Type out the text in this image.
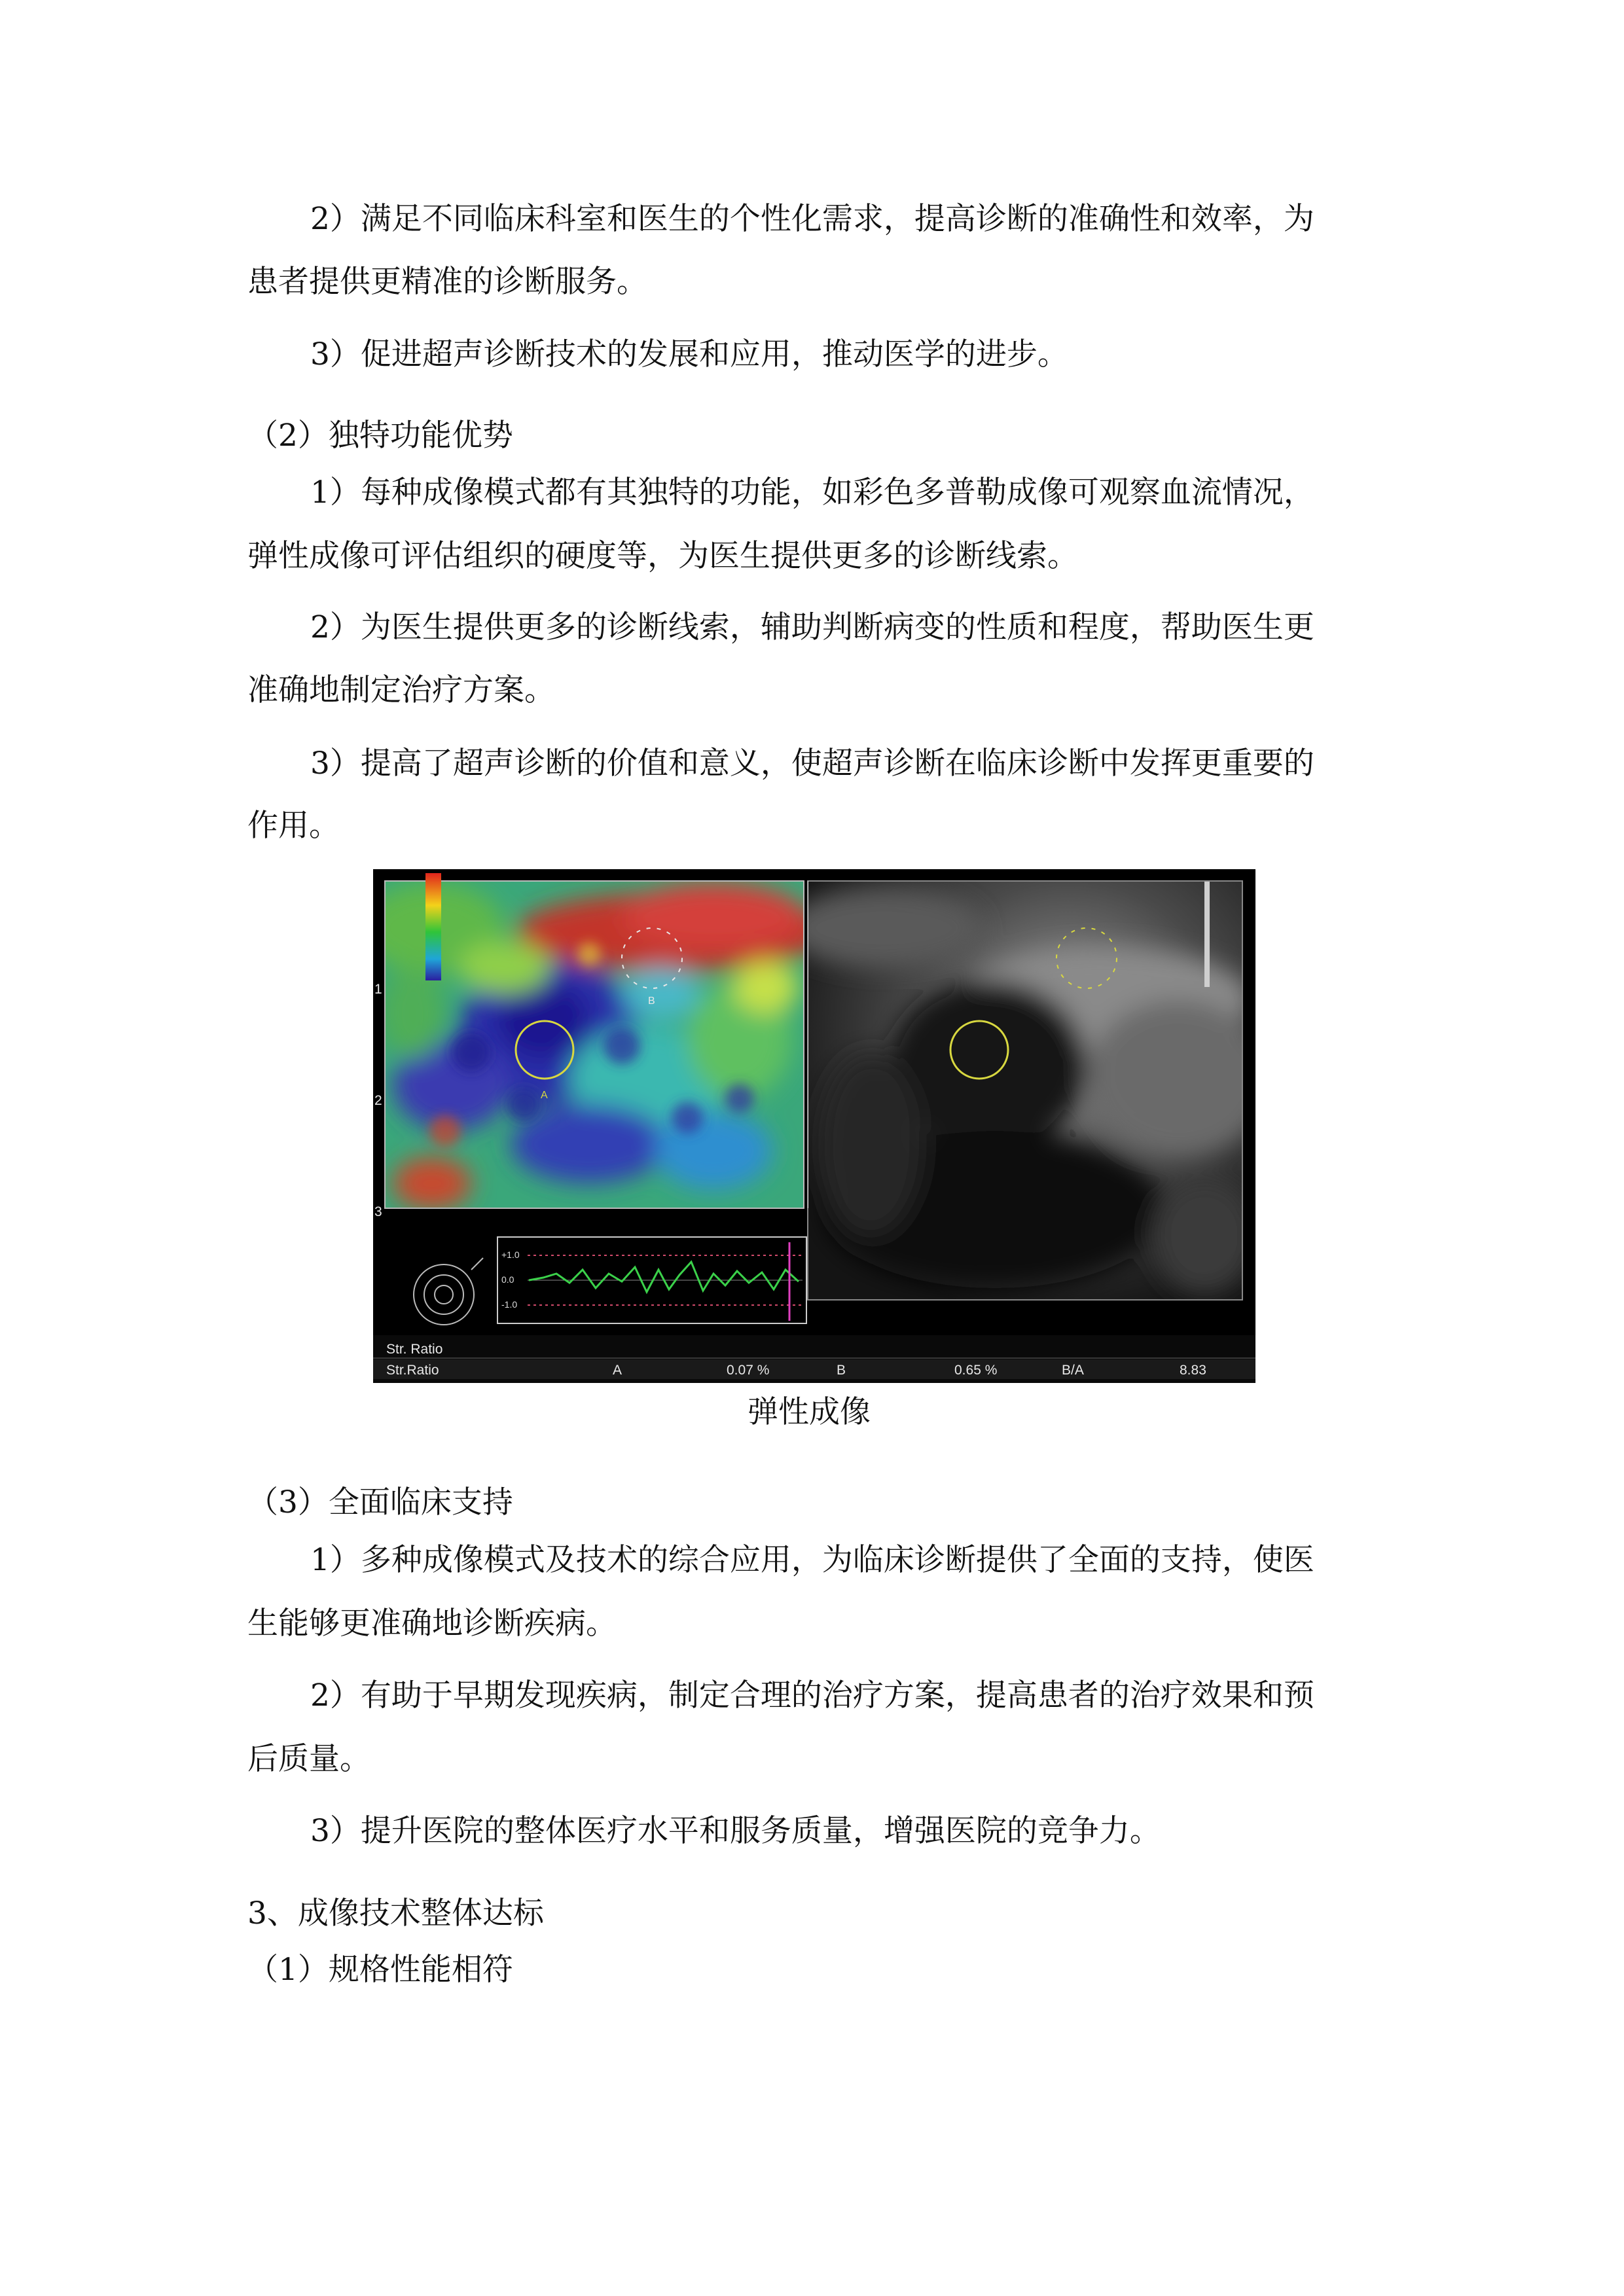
2）满足不同临床科室和医生的个性化需求，提高诊断的准确性和效率，为
患者提供更精准的诊断服务。
3）促进超声诊断技术的发展和应用，推动医学的进步。
（2）独特功能优势
1）每种成像模式都有其独特的功能，如彩色多普勒成像可观察血流情况，
弹性成像可评估组织的硬度等，为医生提供更多的诊断线索。
2）为医生提供更多的诊断线索，辅助判断病变的性质和程度，帮助医生更
准确地制定治疗方案。
3）提高了超声诊断的价值和意义，使超声诊断在临床诊断中发挥更重要的
作用。
1
2
3
A
B
+1.0
0.0
-1.0
Str. Ratio
Str.Ratio	A	0.07 %	B	0.65 %	B/A	8.83
弹性成像
（3）全面临床支持
1）多种成像模式及技术的综合应用，为临床诊断提供了全面的支持，使医
生能够更准确地诊断疾病。
2）有助于早期发现疾病，制定合理的治疗方案，提高患者的治疗效果和预
后质量。
3）提升医院的整体医疗水平和服务质量，增强医院的竞争力。
3、成像技术整体达标
（1）规格性能相符
